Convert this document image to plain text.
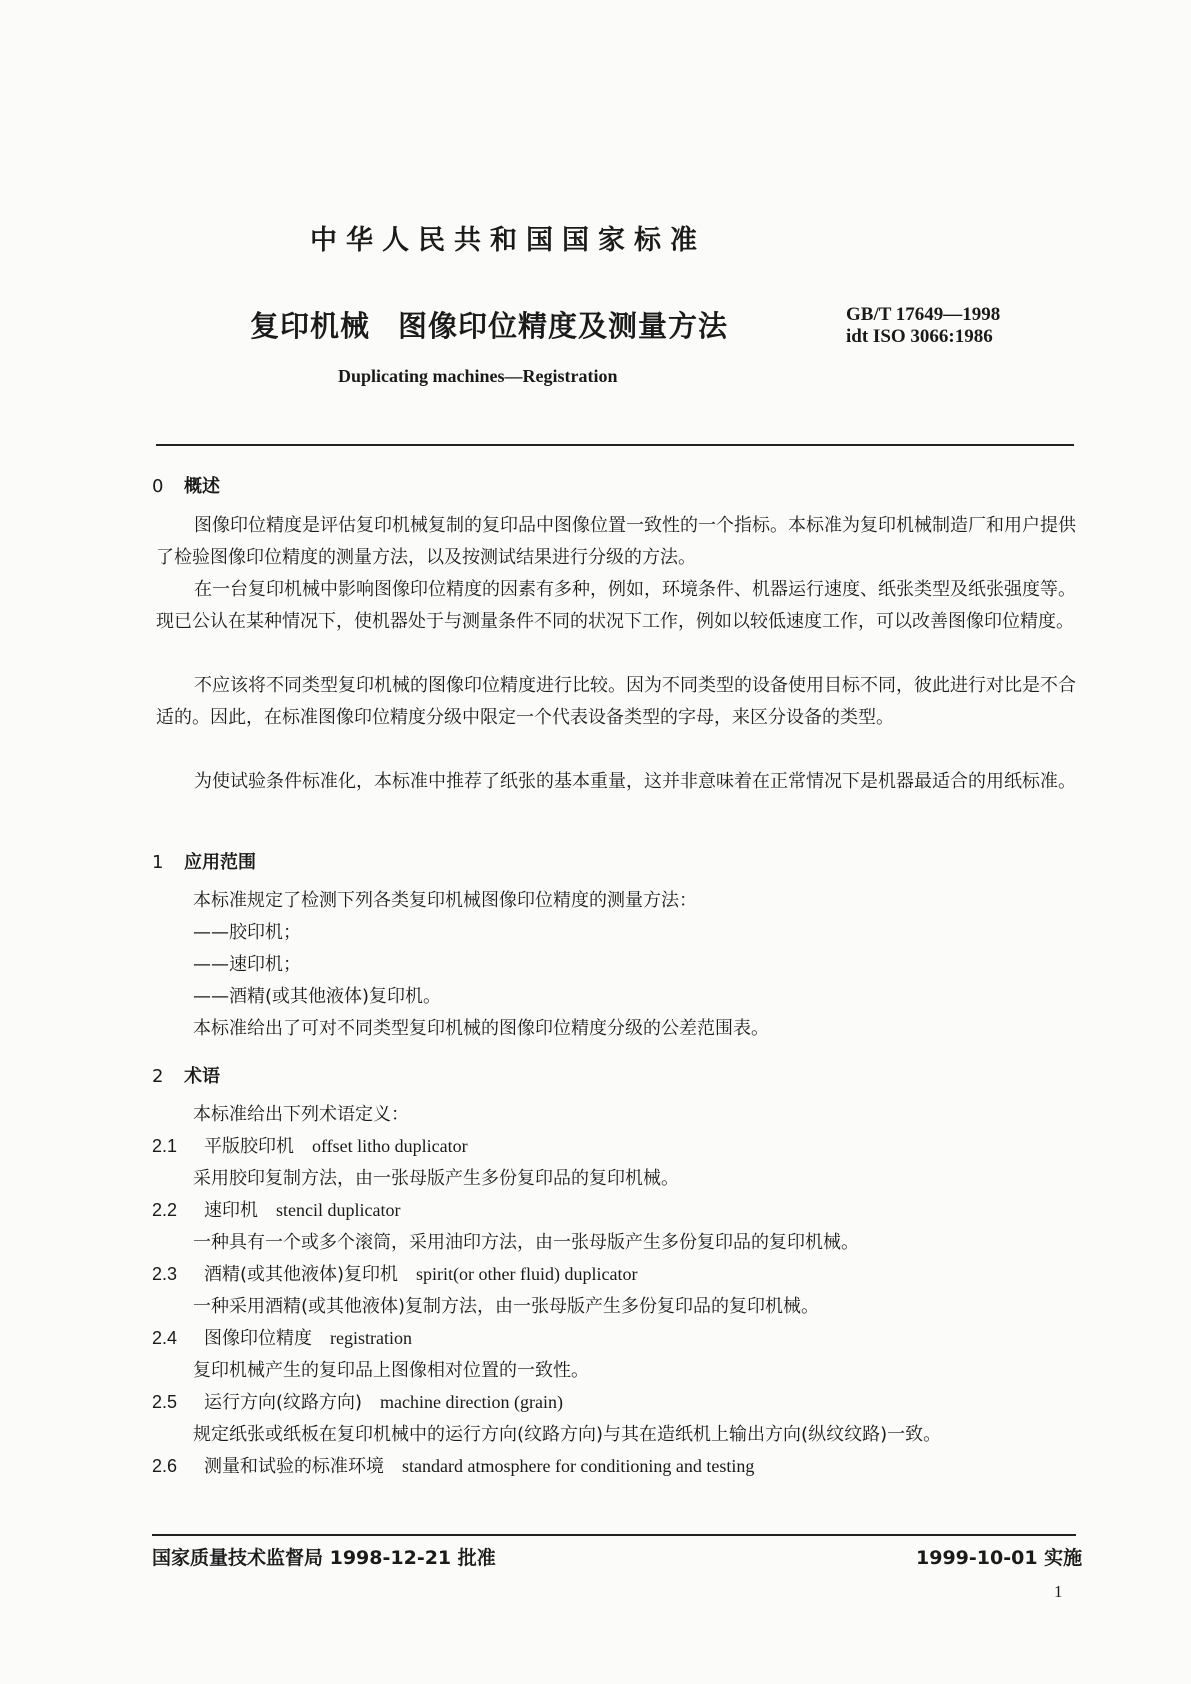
中华人民共和国国家标准
复印机械 图像印位精度及测量方法	GB/T 17649—1998
idt ISO 3066:1986
Duplicating machines—Registration
0 概述
图像印位精度是评估复印机械复制的复印品中图像位置一致性的一个指标。本标准为复印机械制造厂和用户提供了检验图像印位精度的测量方法，以及按测试结果进行分级的方法。
在一台复印机械中影响图像印位精度的因素有多种，例如，环境条件、机器运行速度、纸张类型及纸张强度等。现已公认在某种情况下，使机器处于与测量条件不同的状况下工作，例如以较低速度工作，可以改善图像印位精度。
不应该将不同类型复印机械的图像印位精度进行比较。因为不同类型的设备使用目标不同，彼此进行对比是不合适的。因此，在标准图像印位精度分级中限定一个代表设备类型的字母，来区分设备的类型。
为使试验条件标准化，本标准中推荐了纸张的基本重量，这并非意味着在正常情况下是机器最适合的用纸标准。
1 应用范围
本标准规定了检测下列各类复印机械图像印位精度的测量方法：
——胶印机；
——速印机；
——酒精(或其他液体)复印机。
本标准给出了可对不同类型复印机械的图像印位精度分级的公差范围表。
2 术语
本标准给出下列术语定义：
2.1 平版胶印机 offset litho duplicator
采用胶印复制方法，由一张母版产生多份复印品的复印机械。
2.2 速印机 stencil duplicator
一种具有一个或多个滚筒，采用油印方法，由一张母版产生多份复印品的复印机械。
2.3 酒精(或其他液体)复印机 spirit(or other fluid) duplicator
一种采用酒精(或其他液体)复制方法，由一张母版产生多份复印品的复印机械。
2.4 图像印位精度 registration
复印机械产生的复印品上图像相对位置的一致性。
2.5 运行方向(纹路方向) machine direction (grain)
规定纸张或纸板在复印机械中的运行方向(纹路方向)与其在造纸机上输出方向(纵纹纹路)一致。
2.6 测量和试验的标准环境 standard atmosphere for conditioning and testing
国家质量技术监督局 1998-12-21 批准	1999-10-01 实施
1
